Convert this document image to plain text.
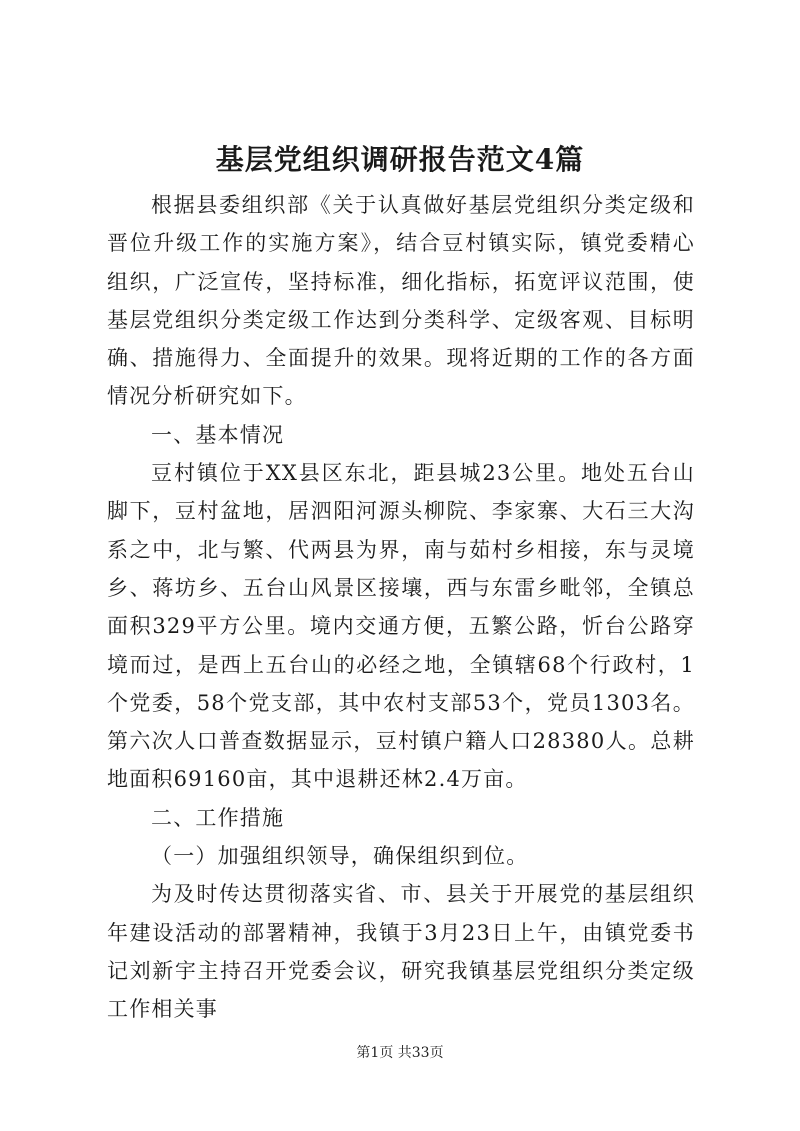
基层党组织调研报告范文4篇

根据县委组织部《关于认真做好基层党组织分类定级和晋位升级工作的实施方案》，结合豆村镇实际，镇党委精心组织，广泛宣传，坚持标准，细化指标，拓宽评议范围，使基层党组织分类定级工作达到分类科学、定级客观、目标明确、措施得力、全面提升的效果。现将近期的工作的各方面情况分析研究如下。

一、基本情况

豆村镇位于XX县区东北，距县城23公里。地处五台山脚下，豆村盆地，居泗阳河源头柳院、李家寨、大石三大沟系之中，北与繁、代两县为界，南与茹村乡相接，东与灵境乡、蒋坊乡、五台山风景区接壤，西与东雷乡毗邻，全镇总面积329平方公里。境内交通方便，五繁公路，忻台公路穿境而过，是西上五台山的必经之地，全镇辖68个行政村，1个党委，58个党支部，其中农村支部53个，党员1303名。第六次人口普查数据显示，豆村镇户籍人口28380人。总耕地面积69160亩，其中退耕还林2.4万亩。

二、工作措施

（一）加强组织领导，确保组织到位。

为及时传达贯彻落实省、市、县关于开展党的基层组织年建设活动的部署精神，我镇于3月23日上午，由镇党委书记刘新宇主持召开党委会议，研究我镇基层党组织分类定级工作相关事

第1页 共33页
